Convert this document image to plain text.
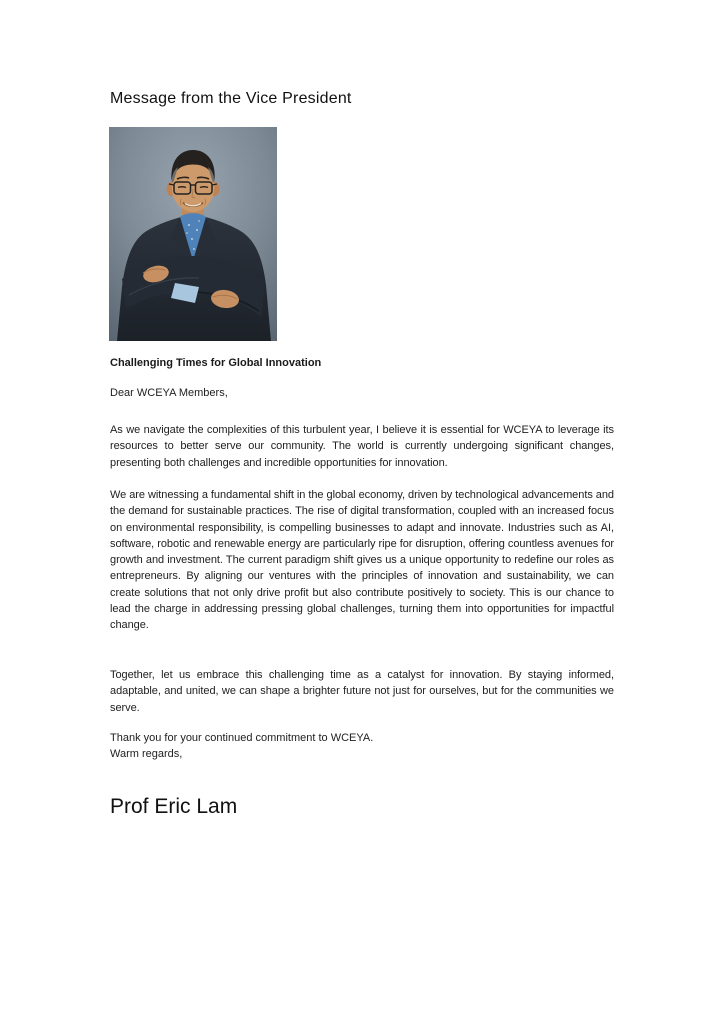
Message from the Vice President
Challenging Times for Global Innovation
Dear WCEYA Members,

As we navigate the complexities of this turbulent year, I believe it is essential for WCEYA to leverage its resources to better serve our community. The world is currently undergoing significant changes, presenting both challenges and incredible opportunities for innovation.

We are witnessing a fundamental shift in the global economy, driven by technological advancements and the demand for sustainable practices. The rise of digital transformation, coupled with an increased focus on environmental responsibility, is compelling businesses to adapt and innovate. Industries such as AI, software, robotic and renewable energy are particularly ripe for disruption, offering countless avenues for growth and investment. The current paradigm shift gives us a unique opportunity to redefine our roles as entrepreneurs. By aligning our ventures with the principles of innovation and sustainability, we can create solutions that not only drive profit but also contribute positively to society. This is our chance to lead the charge in addressing pressing global challenges, turning them into opportunities for impactful change.

Together, let us embrace this challenging time as a catalyst for innovation. By staying informed, adaptable, and united, we can shape a brighter future not just for ourselves, but for the communities we serve.

Thank you for your continued commitment to WCEYA.
Warm regards,
Prof Eric Lam
